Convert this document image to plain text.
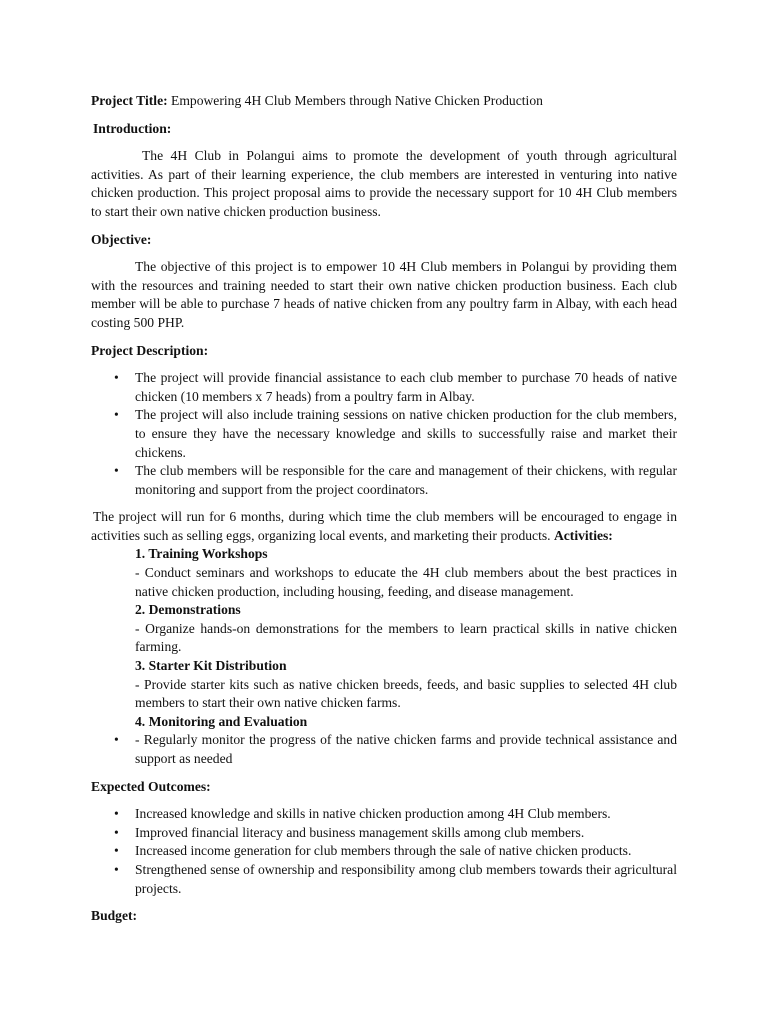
Project Title: Empowering 4H Club Members through Native Chicken Production

Introduction:

The 4H Club in Polangui aims to promote the development of youth through agricultural activities. As part of their learning experience, the club members are interested in venturing into native chicken production. This project proposal aims to provide the necessary support for 10 4H Club members to start their own native chicken production business.

Objective:

The objective of this project is to empower 10 4H Club members in Polangui by providing them with the resources and training needed to start their own native chicken production business. Each club member will be able to purchase 7 heads of native chicken from any poultry farm in Albay, with each head costing 500 PHP.

Project Description:

• The project will provide financial assistance to each club member to purchase 70 heads of native chicken (10 members x 7 heads) from a poultry farm in Albay.
• The project will also include training sessions on native chicken production for the club members, to ensure they have the necessary knowledge and skills to successfully raise and market their chickens.
• The club members will be responsible for the care and management of their chickens, with regular monitoring and support from the project coordinators.

The project will run for 6 months, during which time the club members will be encouraged to engage in activities such as selling eggs, organizing local events, and marketing their products. Activities:

1. Training Workshops

- Conduct seminars and workshops to educate the 4H club members about the best practices in native chicken production, including housing, feeding, and disease management.

2. Demonstrations

- Organize hands-on demonstrations for the members to learn practical skills in native chicken farming.

3. Starter Kit Distribution

- Provide starter kits such as native chicken breeds, feeds, and basic supplies to selected 4H club members to start their own native chicken farms.

4. Monitoring and Evaluation

• - Regularly monitor the progress of the native chicken farms and provide technical assistance and support as needed

Expected Outcomes:

• Increased knowledge and skills in native chicken production among 4H Club members.
• Improved financial literacy and business management skills among club members.
• Increased income generation for club members through the sale of native chicken products.
• Strengthened sense of ownership and responsibility among club members towards their agricultural projects.

Budget:
